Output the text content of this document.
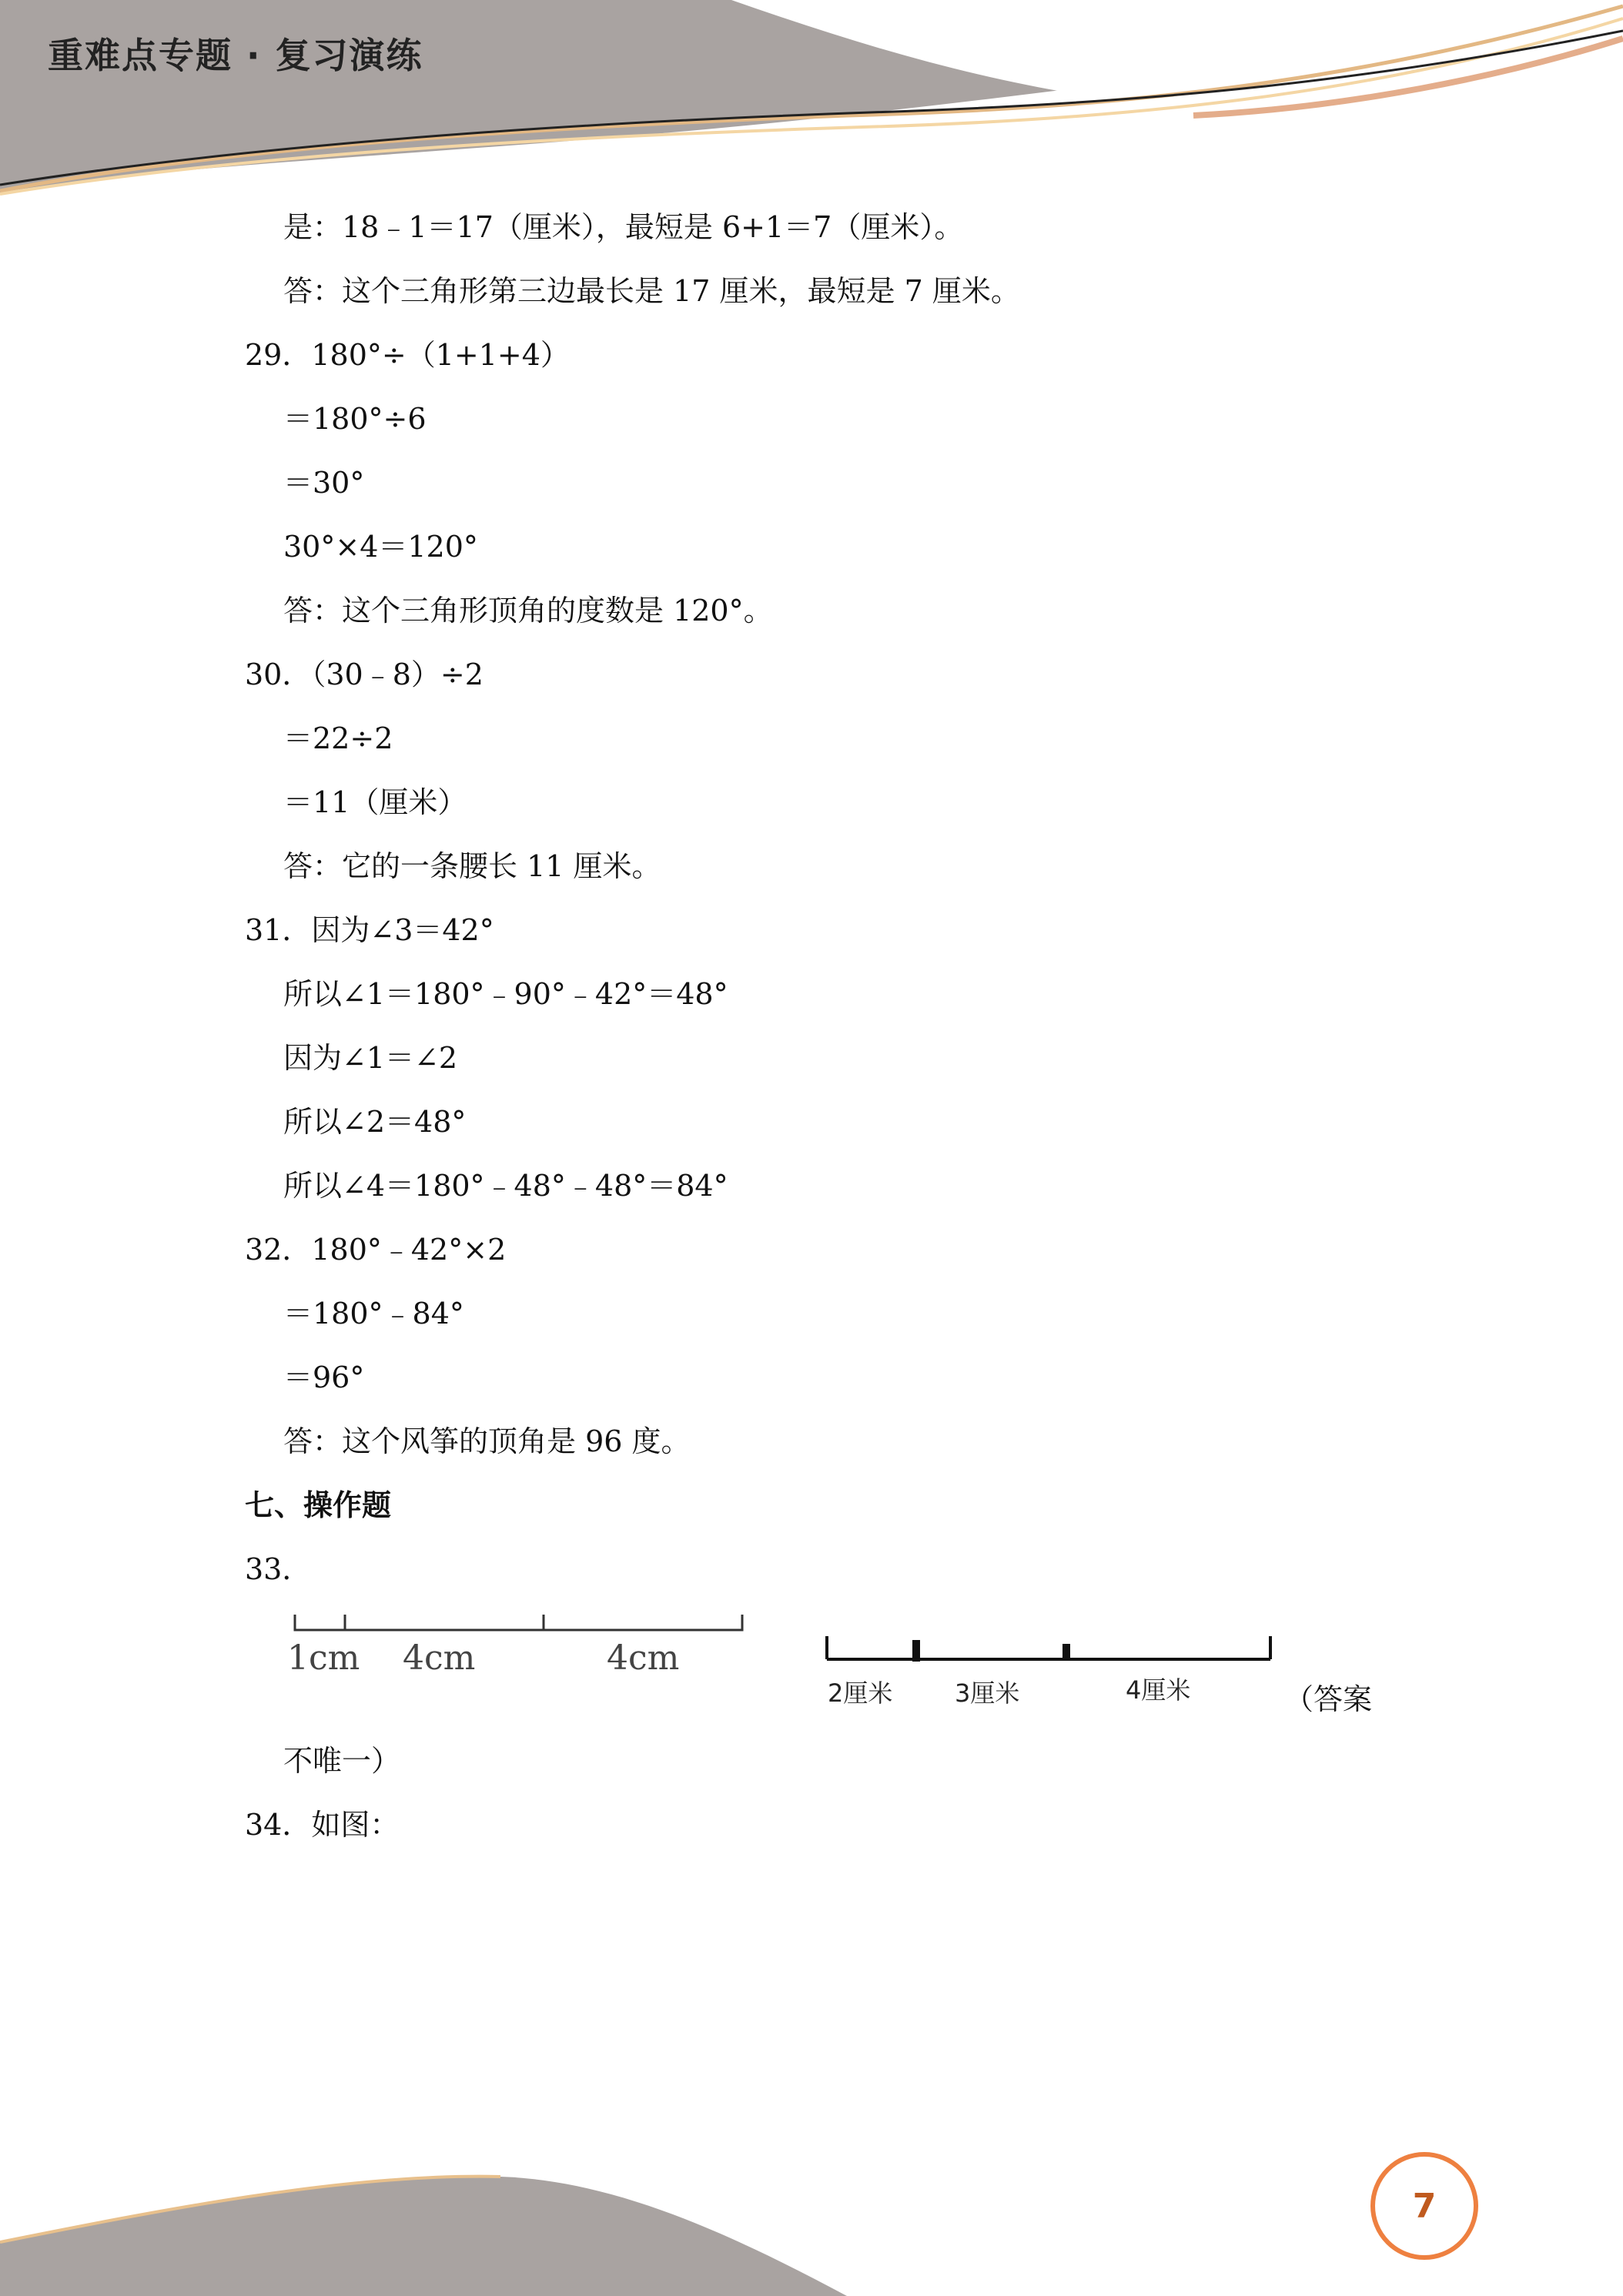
重难点专题 · 复习演练
是：18﹣1＝17（厘米），最短是 6+1＝7（厘米）。
答：这个三角形第三边最长是 17 厘米，最短是 7 厘米。
29．180°÷（1+1+4）
＝180°÷6
＝30°
30°×4＝120°
答：这个三角形顶角的度数是 120°。
30．（30﹣8）÷2
＝22÷2
＝11（厘米）
答：它的一条腰长 11 厘米。
31．因为∠3＝42°
所以∠1＝180°﹣90°﹣42°＝48°
因为∠1＝∠2
所以∠2＝48°
所以∠4＝180°﹣48°﹣48°＝84°
32．180°﹣42°×2
＝180°﹣84°
＝96°
答：这个风筝的顶角是 96 度。
七、操作题
33．
1cm 4cm	4cm
2厘米	3厘米	4厘米	（答案
不唯一）
34．如图：
7
